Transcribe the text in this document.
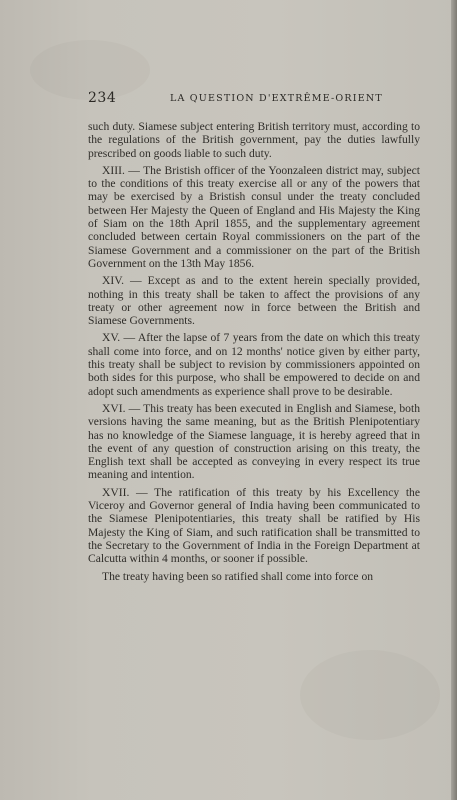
234	LA QUESTION D'EXTRÊME-ORIENT

such duty. Siamese subject entering British territory must, according to the regulations of the British government, pay the duties lawfully prescribed on goods liable to such duty.

XIII. — The Bristish officer of the Yoonzaleen district may, subject to the conditions of this treaty exercise all or any of the powers that may be exercised by a Bristish consul under the treaty concluded between Her Majesty the Queen of England and His Majesty the King of Siam on the 18th April 1855, and the supplementary agreement concluded between certain Royal commissioners on the part of the Siamese Government and a commissioner on the part of the British Government on the 13th May 1856.

XIV. — Except as and to the extent herein specially provided, nothing in this treaty shall be taken to affect the provisions of any treaty or other agreement now in force between the British and Siamese Governments.

XV. — After the lapse of 7 years from the date on which this treaty shall come into force, and on 12 months' notice given by either party, this treaty shall be subject to revision by commissioners appointed on both sides for this purpose, who shall be empowered to decide on and adopt such amendments as experience shall prove to be desirable.

XVI. — This treaty has been executed in English and Siamese, both versions having the same meaning, but as the British Plenipotentiary has no knowledge of the Siamese language, it is hereby agreed that in the event of any question of construction arising on this treaty, the English text shall be accepted as conveying in every respect its true meaning and intention.

XVII. — The ratification of this treaty by his Excellency the Viceroy and Governor general of India having been communicated to the Siamese Plenipotentiaries, this treaty shall be ratified by His Majesty the King of Siam, and such ratification shall be transmitted to the Secretary to the Government of India in the Foreign Department at Calcutta within 4 months, or sooner if possible.

The treaty having been so ratified shall come into force on
